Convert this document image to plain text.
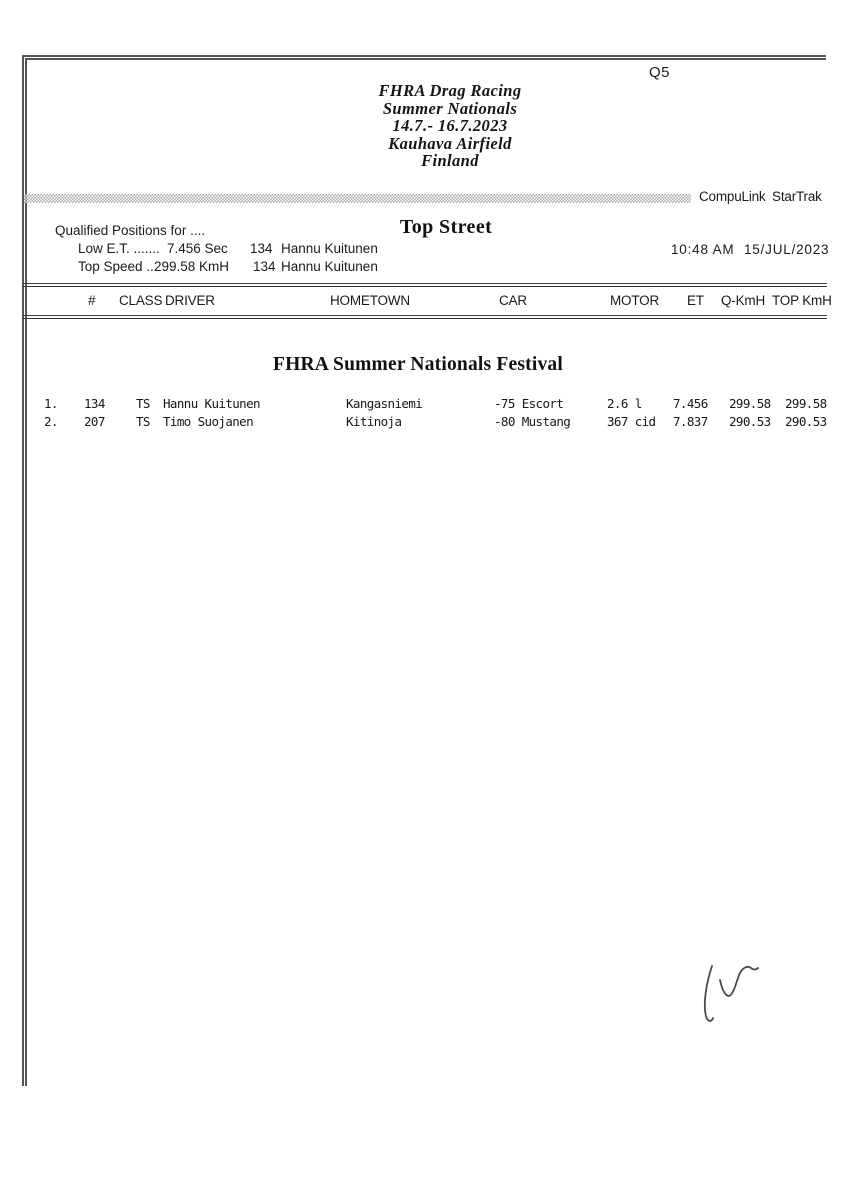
Q5
FHRA Drag Racing
Summer Nationals
14.7.- 16.7.2023
Kauhava Airfield
Finland
CompuLink StarTrak
Qualified Positions for ....	Top Street
Low E.T. ....... 7.456 Sec 134 Hannu Kuitunen
Top Speed ...
299.58 KmH 134 Hannu Kuitunen
10:48 AM 15/JUL/2023
# CLASS DRIVER	HOMETOWN	CAR	MOTOR ET Q-KmH TOP KmH
FHRA Summer Nationals Festival
1. 134 TS Hannu Kuitunen	Kangasniemi	-75 Escort	2.6 l	7.456 299.58 299.58
2. 207 TS Timo Suojanen	Kitinoja	-80 Mustang	367 cid 7.837 290.53 290.53
